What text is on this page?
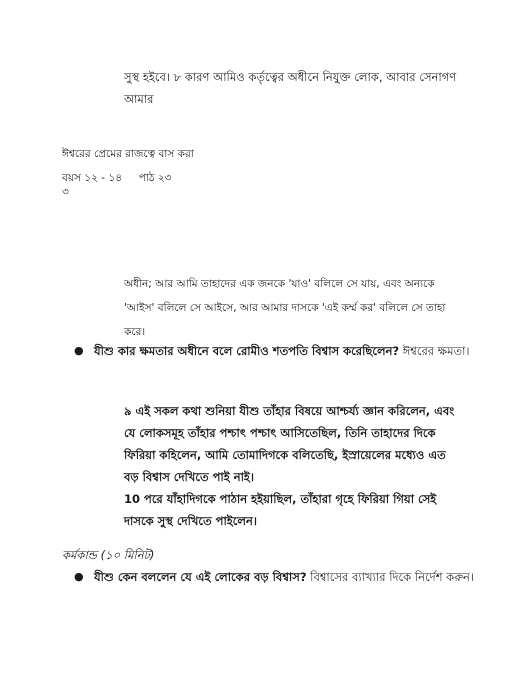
সুস্থ হইবে। ৮ কারণ আমিও কর্তৃত্বের অধীনে নিযুক্ত লোক, আবার সেনাগণ
আমার
ঈশ্বরের প্রেমের রাজত্বে বাস করা
বয়স ১২ - ১৪     পাঠ ২৩
৩
অধীন; আর আমি তাহাদের এক জনকে 'যাও' বলিলে সে যায়, এবং অন্যকে
'আইস' বলিলে সে আইসে, আর আমার দাসকে 'এই কর্ম্ম কর' বলিলে সে তাহা
করে।
● যীশু কার ক্ষমতার অধীনে বলে রোমীও শতপতি বিশ্বাস করেছিলেন? ঈশ্বরের ক্ষমতা।
৯ এই সকল কথা শুনিয়া যীশু তাঁহার বিষয়ে আশ্চর্য্য জ্ঞান করিলেন, এবং
যে লোকসমূহ তাঁহার পশ্চাৎ পশ্চাৎ আসিতেছিল, তিনি তাহাদের দিকে
ফিরিয়া কহিলেন, আমি তোমাদিগকে বলিতেছি, ইস্রায়েলের মধ্যেও এত
বড় বিশ্বাস দেখিতে পাই নাই।
10 পরে যাঁহাদিগকে পাঠান হইয়াছিল, তাঁহারা গৃহে ফিরিয়া গিয়া সেই
দাসকে সুস্থ দেখিতে পাইলেন।
কর্মকান্ড (১০ মিনিট)
● যীশু কেন বললেন যে এই লোকের বড় বিশ্বাস? বিশ্বাসের ব্যাখ্যার দিকে নির্দেশ করুন।
